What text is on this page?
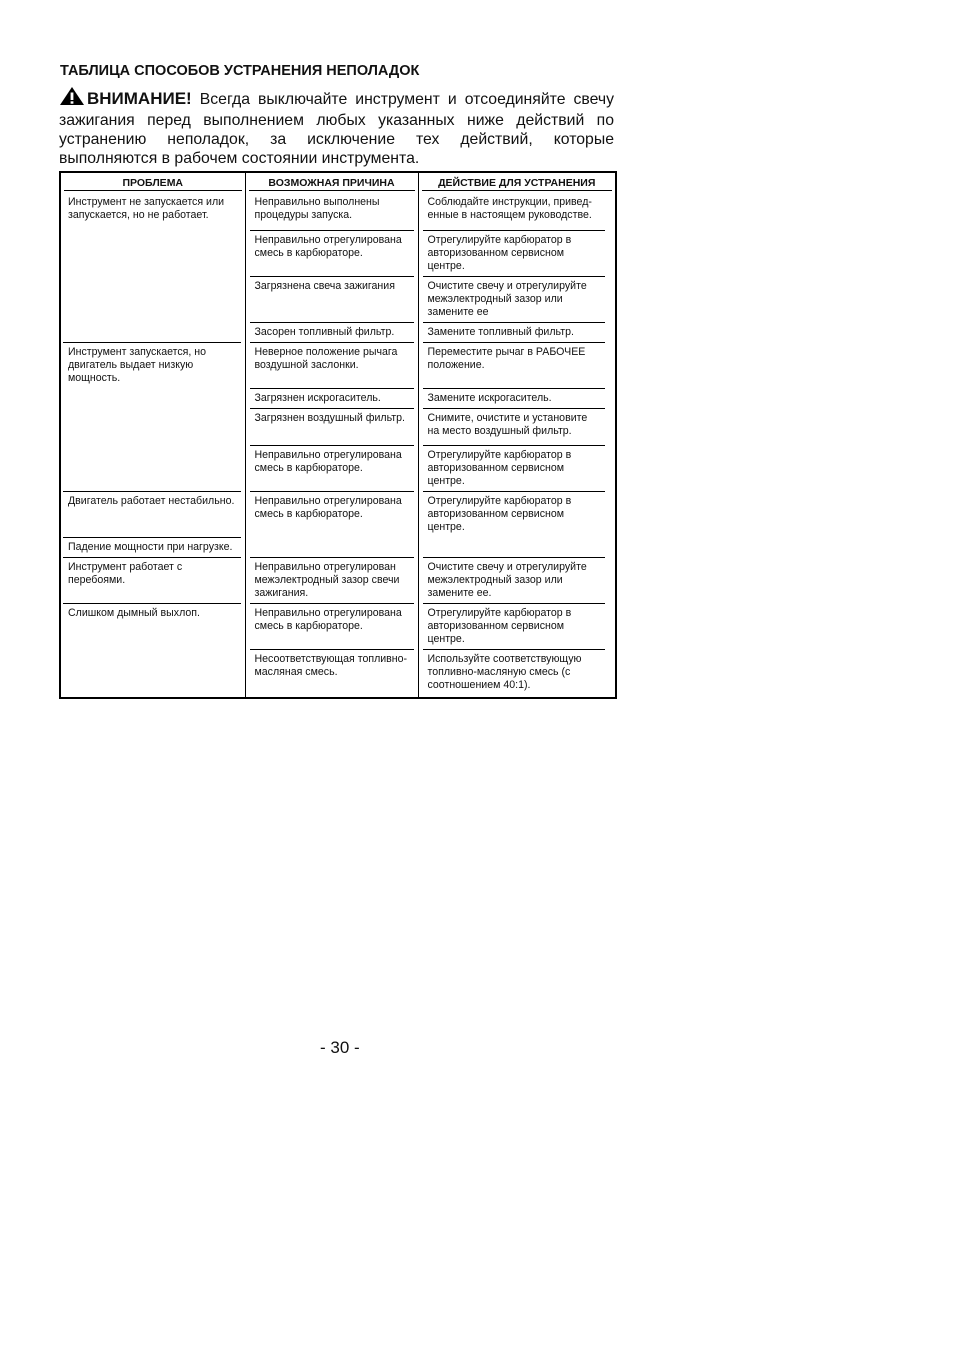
ТАБЛИЦА СПОСОБОВ УСТРАНЕНИЯ НЕПОЛАДОК
ВНИМАНИЕ! Всегда выключайте инструмент и отсоединяйте свечу зажигания перед выполнением любых указанных ниже действий по устранению неполадок, за исключение тех действий, которые выполняются в рабочем состоянии инструмента.
ПРОБЛЕМА	ВОЗМОЖНАЯ ПРИЧИНА	ДЕЙСТВИЕ ДЛЯ УСТРАНЕНИЯ

Инструмент не запускается или запускается, но не работает.	Неправильно выполнены процедуры запуска.	Соблюдайте инструкции, привед-енные в настоящем руководстве.

	Неправильно отрегулирована смесь в карбюраторе.	Отрегулируйте карбюратор в авторизованном сервисном центре.

	Загрязнена свеча зажигания	Очистите свечу и отрегулируйте межэлектродный зазор или замените ее

	Засорен топливный фильтр.	Замените топливный фильтр.

Инструмент запускается, но двигатель выдает низкую мощность.	Неверное положение рычага воздушной заслонки.	Переместите рычаг в РАБОЧЕЕ положение.

	Загрязнен искрогаситель.	Замените искрогаситель.

	Загрязнен воздушный фильтр.	Снимите, очистите и установите на место воздушный фильтр.

	Неправильно отрегулирована смесь в карбюраторе.	Отрегулируйте карбюратор в авторизованном сервисном центре.

Двигатель работает нестабильно.	Неправильно отрегулирована смесь в карбюраторе.	Отрегулируйте карбюратор в авторизованном сервисном центре.

Падение мощности при нагрузке.		

Инструмент работает с перебоями.	Неправильно отрегулирован межэлектродный зазор свечи зажигания.	Очистите свечу и отрегулируйте межэлектродный зазор или замените ее.

Слишком дымный выхлоп.	Неправильно отрегулирована смесь в карбюраторе.	Отрегулируйте карбюратор в авторизованном сервисном центре.

	Несоответствующая топливно-масляная смесь.	Используйте соответствующую топливно-масляную смесь (с соотношением 40:1).
- 30 -
